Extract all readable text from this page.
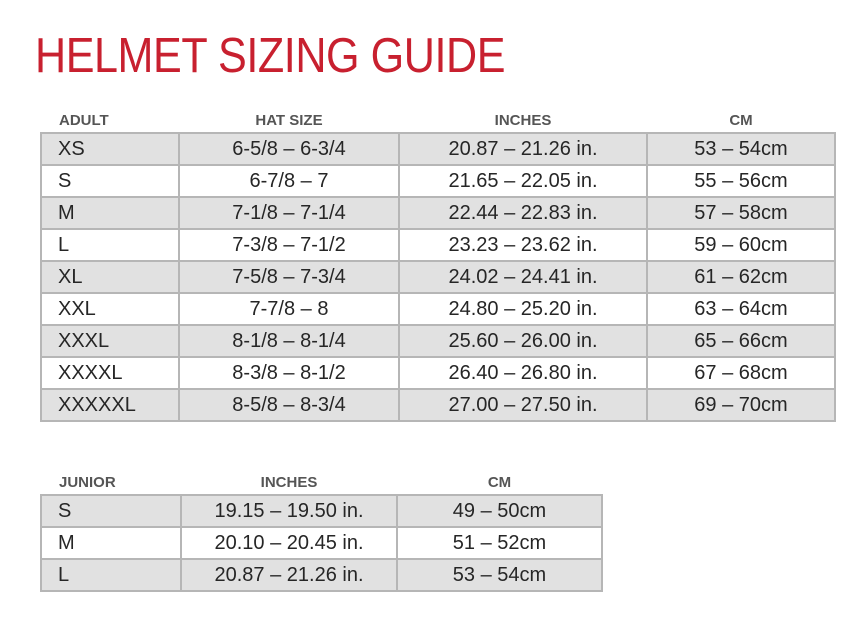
HELMET SIZING GUIDE
ADULT	HAT SIZE	INCHES	CM
XS	6-5/8 – 6-3/4	20.87 – 21.26 in.	53 – 54cm
S	6-7/8 – 7	21.65 – 22.05 in.	55 – 56cm
M	7-1/8 – 7-1/4	22.44 – 22.83 in.	57 – 58cm
L	7-3/8 – 7-1/2	23.23 – 23.62 in.	59 – 60cm
XL	7-5/8 – 7-3/4	24.02 – 24.41 in.	61 – 62cm
XXL	7-7/8 – 8	24.80 – 25.20 in.	63 – 64cm
XXXL	8-1/8 – 8-1/4	25.60 – 26.00 in.	65 – 66cm
XXXXL	8-3/8 – 8-1/2	26.40 – 26.80 in.	67 – 68cm
XXXXXL	8-5/8 – 8-3/4	27.00 – 27.50 in.	69 – 70cm
JUNIOR	INCHES	CM
S	19.15 – 19.50 in.	49 – 50cm
M	20.10 – 20.45 in.	51 – 52cm
L	20.87 – 21.26 in.	53 – 54cm
